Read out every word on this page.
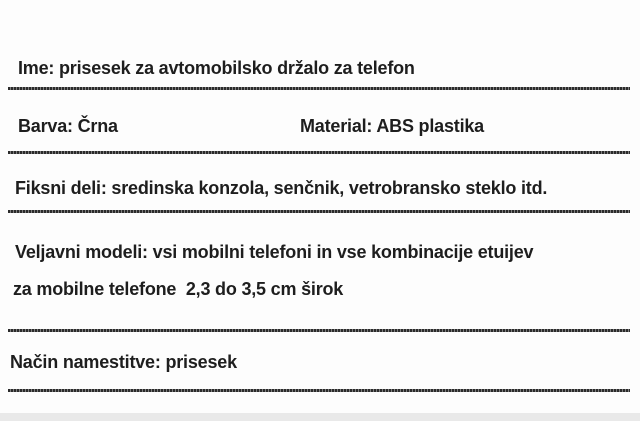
Ime: prisesek za avtomobilsko držalo za telefon
Barva: Črna	Material: ABS plastika
Fiksni deli: sredinska konzola, senčnik, vetrobransko steklo itd.
Veljavni modeli: vsi mobilni telefoni in vse kombinacije etuijev
za mobilne telefone  2,3 do 3,5 cm širok
Način namestitve: prisesek
